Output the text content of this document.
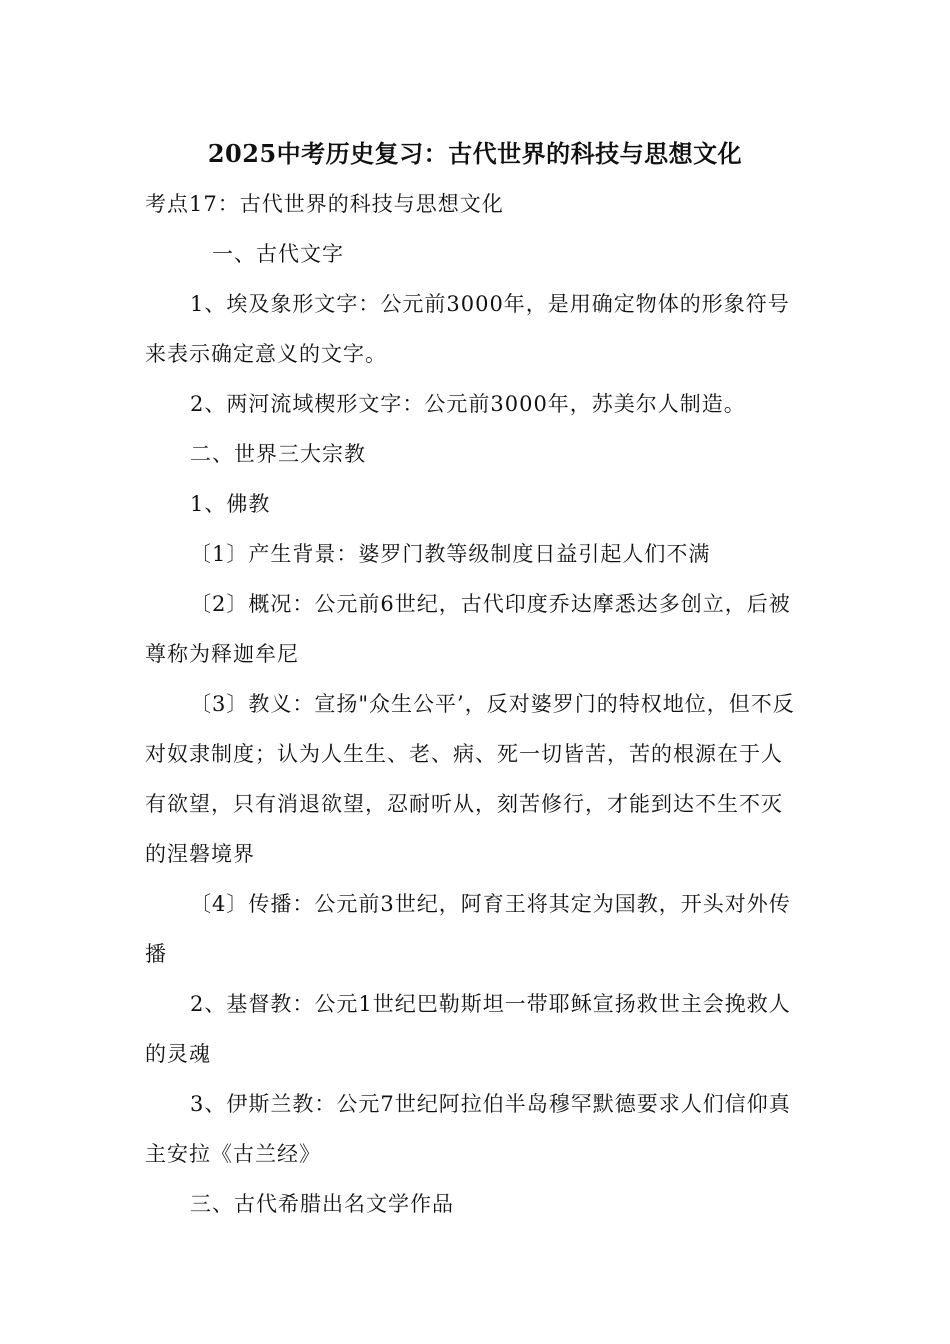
2025中考历史复习：古代世界的科技与思想文化
考点17：古代世界的科技与思想文化
一、古代文字
1、埃及象形文字：公元前3000年，是用确定物体的形象符号
来表示确定意义的文字。
2、两河流域楔形文字：公元前3000年，苏美尔人制造。
二、世界三大宗教
1、佛教
〔1〕产生背景：婆罗门教等级制度日益引起人们不满
〔2〕概况：公元前6世纪，古代印度乔达摩悉达多创立，后被
尊称为释迦牟尼
〔3〕教义：宣扬"众生公平’，反对婆罗门的特权地位，但不反
对奴隶制度；认为人生生、老、病、死一切皆苦，苦的根源在于人
有欲望，只有消退欲望，忍耐听从，刻苦修行，才能到达不生不灭
的涅磐境界
〔4〕传播：公元前3世纪，阿育王将其定为国教，开头对外传
播
2、基督教：公元1世纪巴勒斯坦一带耶稣宣扬救世主会挽救人
的灵魂
3、伊斯兰教：公元7世纪阿拉伯半岛穆罕默德要求人们信仰真
主安拉《古兰经》
三、古代希腊出名文学作品
